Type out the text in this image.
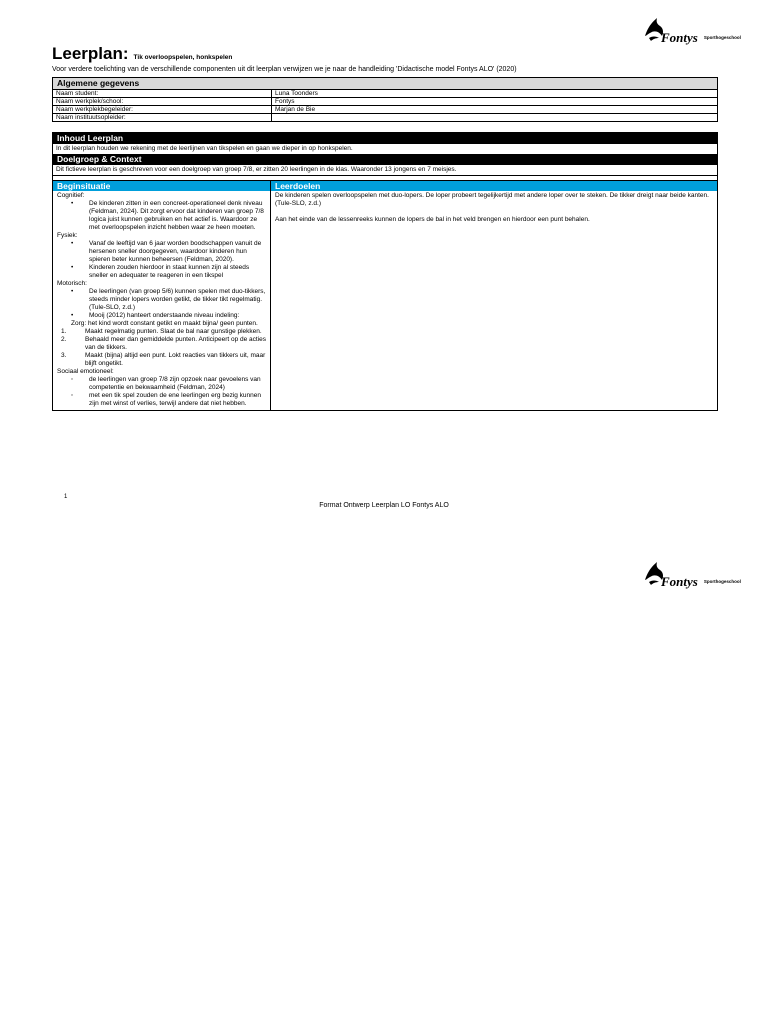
Fontys Sporthogeschool
Leerplan: Tik overloopspelen, honkspelen
Voor verdere toelichting van de verschillende componenten uit dit leerplan verwijzen we je naar de handleiding 'Didactische model Fontys ALO' (2020)
Algemene gegevens
Naam student:	Luna Toonders
Naam werkplek/school:	Fontys
Naam werkplekbegeleider:	Marjan de Bie
Naam instituutsopleider:	
Inhoud Leerplan
In dit leerplan houden we rekening met de leerlijnen van tikspelen en gaan we dieper in op honkspelen.
Doelgroep & Context
Dit fictieve leerplan is geschreven voor een doelgroep van groep 7/8, er zitten 20 leerlingen in de klas. Waaronder 13 jongens en 7 meisjes.
Beginsituatie
Cognitief:
• De kinderen zitten in een concreet-operationeel denk niveau (Feldman, 2024). Dit zorgt ervoor dat kinderen van groep 7/8 logica juist kunnen gebruiken en het actief is. Waardoor ze met overloopspelen inzicht hebben waar ze heen moeten.
Fysiek:
• Vanaf de leeftijd van 6 jaar worden boodschappen vanuit de hersenen sneller doorgegeven, waardoor kinderen hun spieren beter kunnen beheersen (Feldman, 2020).
• Kinderen zouden hierdoor in staat kunnen zijn al steeds sneller en adequater te reageren in een tikspel
Motorisch:
• De leerlingen (van groep 5/6) kunnen spelen met duo-tikkers, steeds minder lopers worden getikt, de tikker tikt regelmatig. (Tule-SLO, z.d.)
• Mooij (2012) hanteert onderstaande niveau indeling:
Zorg: het kind wordt constant getikt en maakt bijna/ geen punten.
1.	Maakt regelmatig punten. Slaat de bal naar gunstige plekken.
2.	Behaald meer dan gemiddelde punten. Anticipeert op de acties van de tikkers.
3.	Maakt (bijna) altijd een punt. Lokt reacties van tikkers uit, maar blijft ongetikt.
Sociaal emotioneel:
◦ de leerlingen van groep 7/8 zijn opzoek naar gevoelens van competentie en bekwaamheid (Feldman, 2024)
◦ met een tik spel zouden de ene leerlingen erg bezig kunnen zijn met winst of verlies, terwijl andere dat niet hebben.
Leerdoelen

De kinderen spelen overloopspelen met duo-lopers. De loper probeert tegelijkertijd met andere loper over te steken. De tikker dreigt naar beide kanten. (Tule-SLO, z.d.)

Aan het einde van de lessenreeks kunnen de lopers de bal in het veld brengen en hierdoor een punt behalen.

1
Format Ontwerp Leerplan LO Fontys ALO
Fontys Sporthogeschool
